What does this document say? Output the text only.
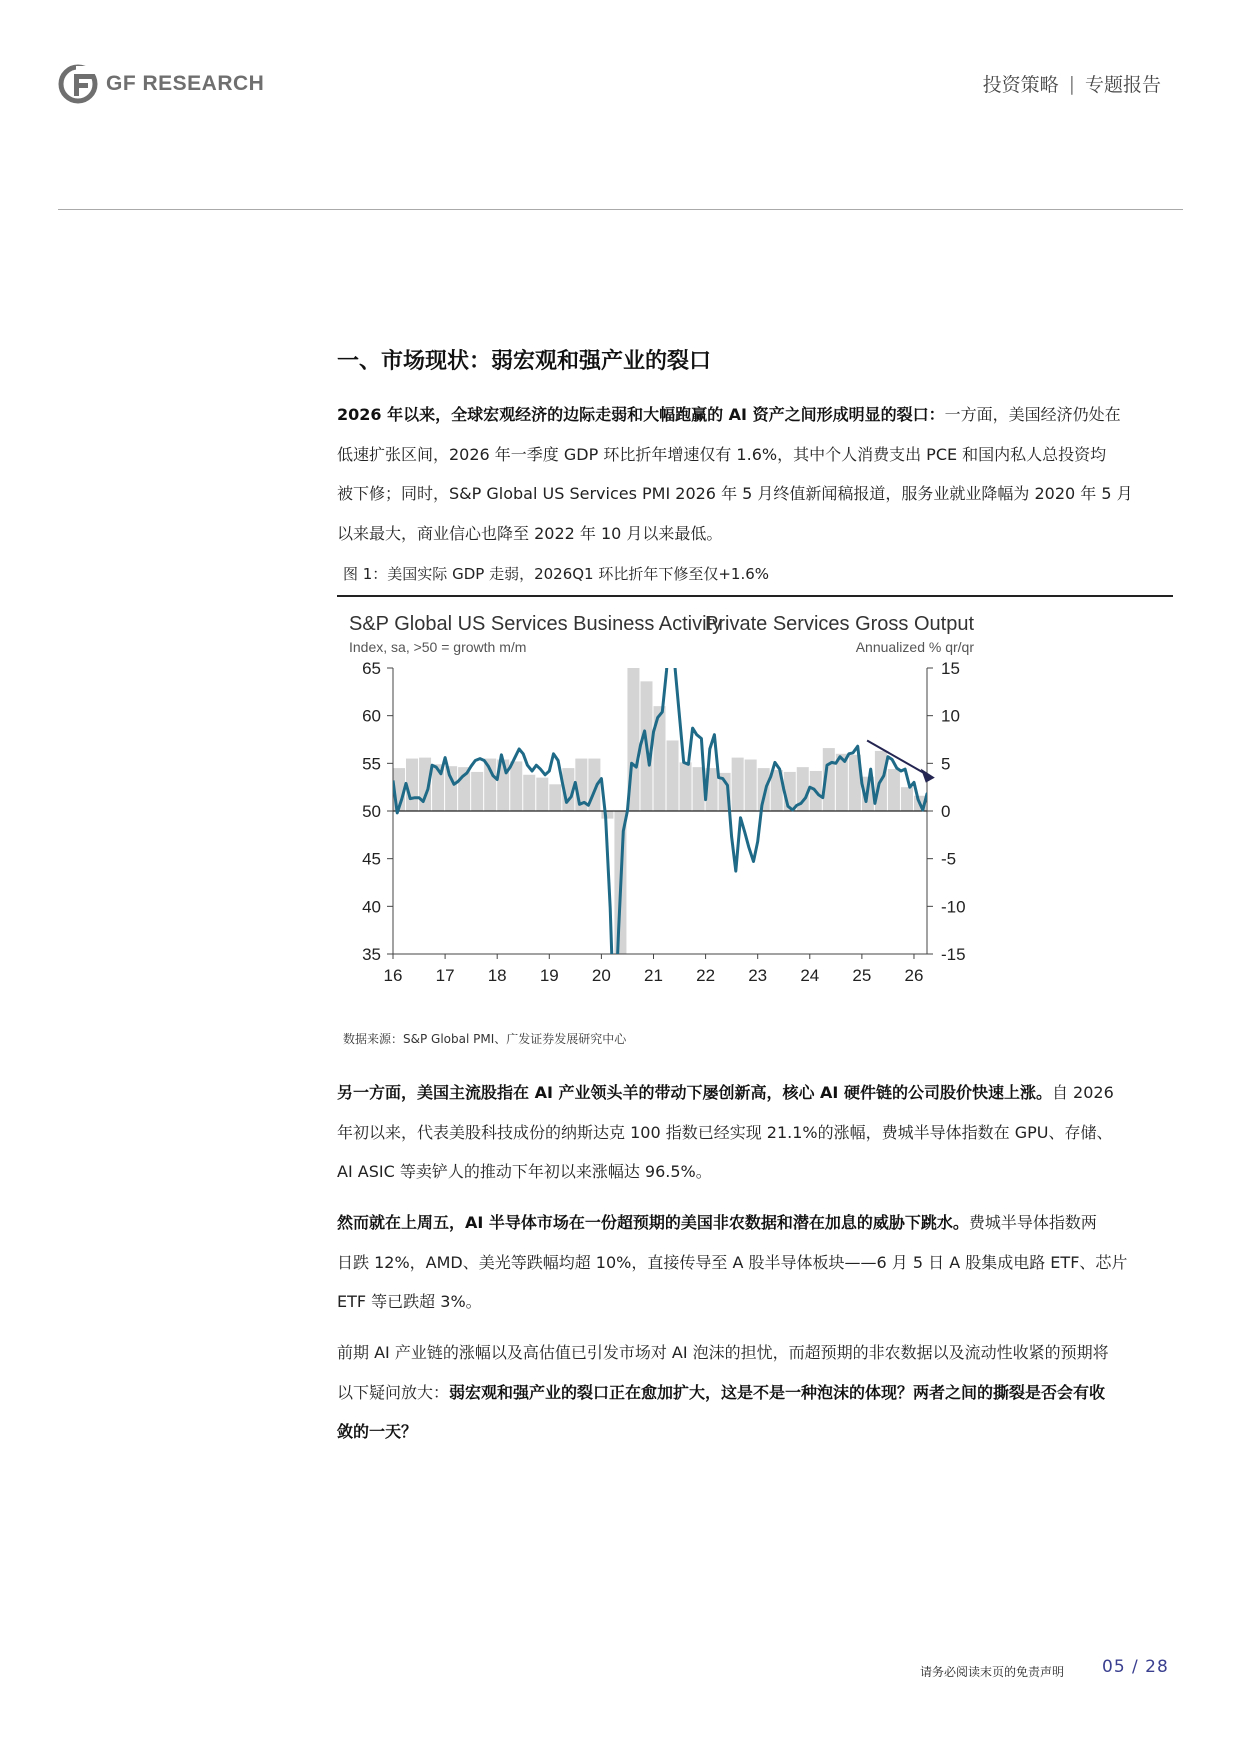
GF RESEARCH	投资策略 | 专题报告
一、市场现状：弱宏观和强产业的裂口
2026 年以来，全球宏观经济的边际走弱和大幅跑赢的 AI 资产之间形成明显的裂口：一方面，美国经济仍处在
低速扩张区间，2026 年一季度 GDP 环比折年增速仅有 1.6%，其中个人消费支出 PCE 和国内私人总投资均
被下修；同时，S&P Global US Services PMI 2026 年 5 月终值新闻稿报道，服务业就业降幅为 2020 年 5 月
以来最大，商业信心也降至 2022 年 10 月以来最低。
图 1：美国实际 GDP 走弱，2026Q1 环比折年下修至仅+1.6%
S&P Global US Services Business Activity
Index, sa, >50 = growth m/m
Private Services Gross Output
Annualized % qr/qr
65
60
55
50
45
40
35
15
10
5
0
-5
-10
-15
16 17 18 19 20 21 22 23 24 25 26
数据来源：S&P Global PMI、广发证券发展研究中心
另一方面，美国主流股指在 AI 产业领头羊的带动下屡创新高，核心 AI 硬件链的公司股价快速上涨。自 2026
年初以来，代表美股科技成份的纳斯达克 100 指数已经实现 21.1%的涨幅，费城半导体指数在 GPU、存储、
AI ASIC 等卖铲人的推动下年初以来涨幅达 96.5%。
然而就在上周五，AI 半导体市场在一份超预期的美国非农数据和潜在加息的威胁下跳水。费城半导体指数两
日跌 12%，AMD、美光等跌幅均超 10%，直接传导至 A 股半导体板块——6 月 5 日 A 股集成电路 ETF、芯片
ETF 等已跌超 3%。
前期 AI 产业链的涨幅以及高估值已引发市场对 AI 泡沫的担忧，而超预期的非农数据以及流动性收紧的预期将
以下疑问放大：弱宏观和强产业的裂口正在愈加扩大，这是不是一种泡沫的体现？两者之间的撕裂是否会有收
敛的一天？
请务必阅读末页的免责声明 05 / 28
